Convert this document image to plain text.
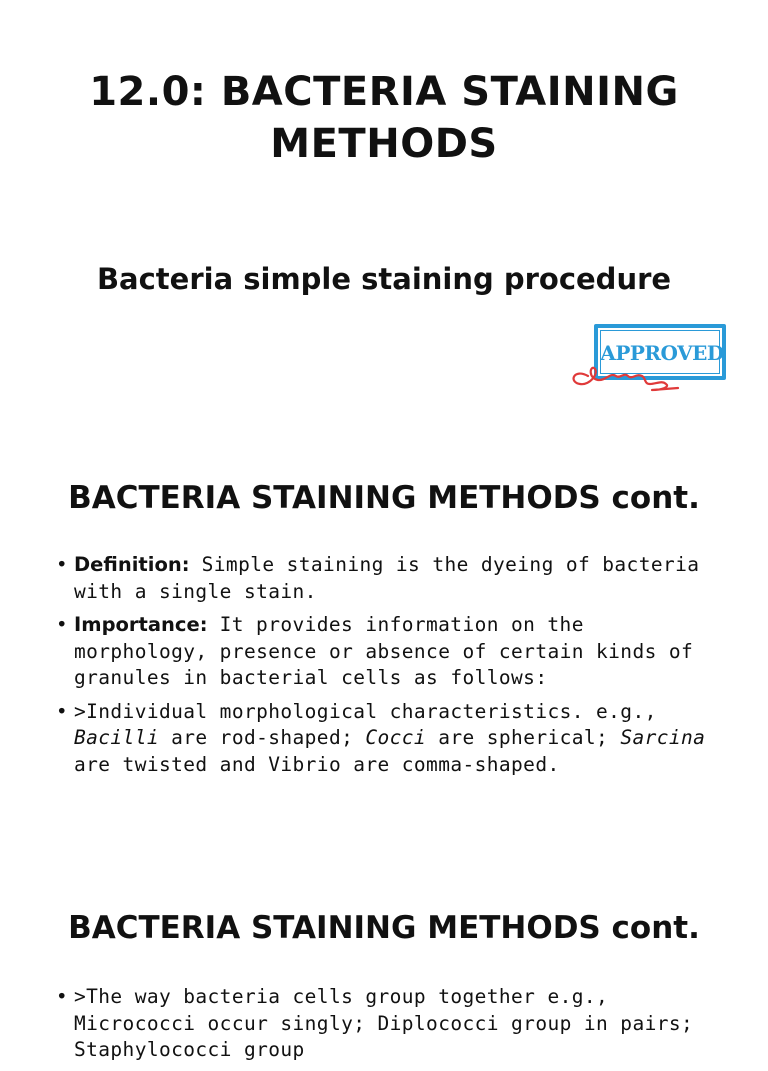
12.0: BACTERIA STAINING METHODS
Bacteria simple staining procedure
APPROVED
BACTERIA STAINING METHODS cont.
• Definition: Simple staining is the dyeing of bacteria with a single stain.
• Importance: It provides information on the morphology, presence or absence of certain kinds of granules in bacterial cells as follows:
• >Individual morphological characteristics. e.g., Bacilli are rod-shaped; Cocci are spherical; Sarcina are twisted and Vibrio are comma-shaped.
BACTERIA STAINING METHODS cont.
• >The way bacteria cells group together e.g., Micrococci occur singly; Diplococci group in pairs; Staphylococci group
